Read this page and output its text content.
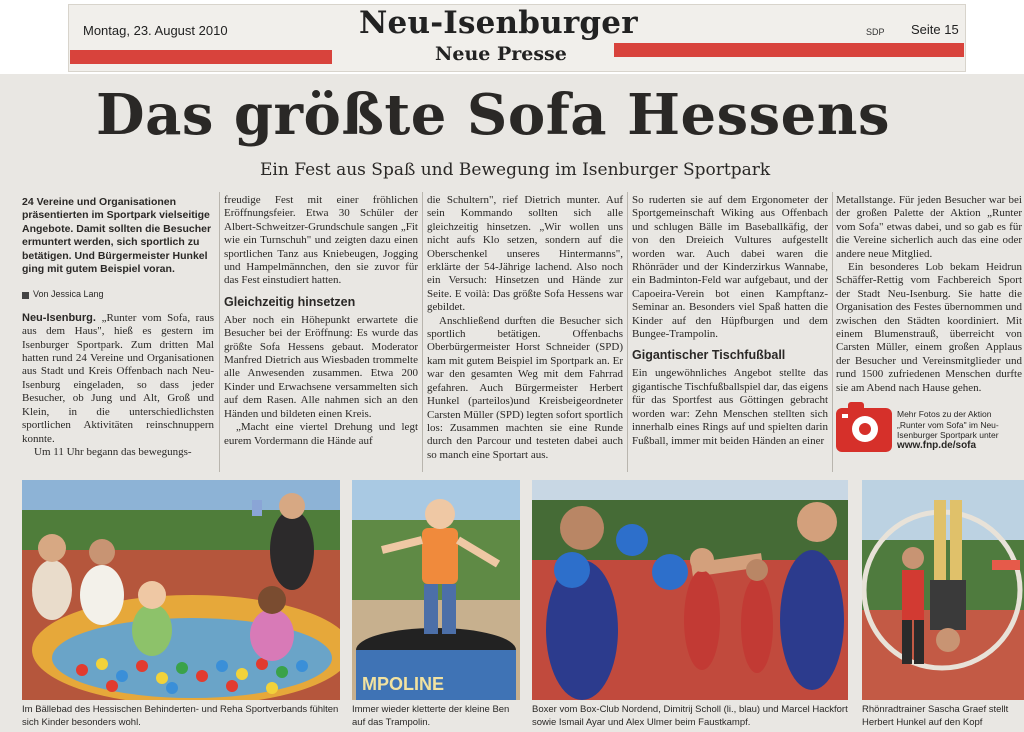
Montag, 23. August 2010	Neu-Isenburger
Neue Presse
SDP Seite 15
Das größte Sofa Hessens
Ein Fest aus Spaß und Bewegung im Isenburger Sportpark

24 Vereine und Organisationen präsentierten im Sportpark vielseitige Angebote. Damit sollten die Besucher ermuntert werden, sich sportlich zu betätigen. Und Bürgermeister Hunkel ging mit gutem Beispiel voran.

Von Jessica Lang

Neu-Isenburg. „Runter vom Sofa, raus aus dem Haus", hieß es gestern im Isenburger Sportpark. Zum dritten Mal hatten rund 24 Vereine und Organisationen aus Stadt und Kreis Offenbach nach Neu-Isenburg eingeladen, so dass jeder Besucher, ob Jung und Alt, Groß und Klein, in die unterschiedlichsten sportlichen Aktivitäten reinschnuppern konnte.

Um 11 Uhr begann das bewegungs-

freudige Fest mit einer fröhlichen Eröffnungsfeier. Etwa 30 Schüler der Albert-Schweitzer-Grundschule sangen „Fit wie ein Turnschuh" und zeigten dazu einen sportlichen Tanz aus Kniebeugen, Jogging und Hampelmännchen, den sie zuvor für das Fest einstudiert hatten.

Gleichzeitig hinsetzen

Aber noch ein Höhepunkt erwartete die Besucher bei der Eröffnung: Es wurde das größte Sofa Hessens gebaut. Moderator Manfred Dietrich aus Wiesbaden trommelte alle Anwesenden zusammen. Etwa 200 Kinder und Erwachsene versammelten sich auf dem Rasen. Alle nahmen sich an den Händen und bildeten einen Kreis.

„Macht eine viertel Drehung und legt eurem Vordermann die Hände auf

die Schultern", rief Dietrich munter. Auf sein Kommando sollten sich alle gleichzeitig hinsetzen. „Wir wollen uns nicht aufs Klo setzen, sondern auf die Oberschenkel unseres Hintermanns", erklärte der 54-Jährige lachend. Also noch ein Versuch: Hinsetzen und Hände zur Seite. E voilà: Das größte Sofa Hessens war gebildet.

Anschließend durften die Besucher sich sportlich betätigen. Offenbachs Oberbürgermeister Horst Schneider (SPD) kam mit gutem Beispiel im Sportpark an. Er war den gesamten Weg mit dem Fahrrad gefahren. Auch Bürgermeister Herbert Hunkel (parteilos)und Kreisbeigeordneter Carsten Müller (SPD) legten sofort sportlich los: Zusammen machten sie eine Runde durch den Parcour und testeten dabei auch so manch eine Sportart aus.

So ruderten sie auf dem Ergonometer der Sportgemeinschaft Wiking aus Offenbach und schlugen Bälle im Baseballkäfig, der von den Dreieich Vultures aufgestellt worden war. Auch dabei waren die Rhönräder und der Kinderzirkus Wannabe, ein Badminton-Feld war aufgebaut, und der Capoeira-Verein bot einen Kampftanz-Seminar an. Besonders viel Spaß hatten die Kinder auf den Hüpfburgen und dem Bungee-Trampolin.

Gigantischer Tischfußball

Ein ungewöhnliches Angebot stellte das gigantische Tischfußballspiel dar, das eigens für das Sportfest aus Göttingen gebracht worden war: Zehn Menschen stellten sich innerhalb eines Rings auf und spielten darin Fußball, immer mit beiden Händen an einer

Metallstange. Für jeden Besucher war bei der großen Palette der Aktion „Runter vom Sofa" etwas dabei, und so gab es für die Vereine sicherlich auch das eine oder andere neue Mitglied.

Ein besonderes Lob bekam Heidrun Schäffer-Rettig vom Fachbereich Sport der Stadt Neu-Isenburg. Sie hatte die Organisation des Festes übernommen und zwischen den Städten koordiniert. Mit einem Blumenstrauß, überreicht von Carsten Müller, einem großen Applaus der Besucher und Vereinsmitglieder und rund 1500 zufriedenen Menschen durfte sie am Abend nach Hause gehen.

Mehr Fotos zu der Aktion „Runter vom Sofa" im Neu-Isenburger Sportpark unter
www.fnp.de/sofa
MPOLINE
Im Bällebad des Hessischen Behinderten- und Reha Sportverbands fühlten sich Kinder besonders wohl.
Immer wieder kletterte der kleine Ben auf das Trampolin.
Boxer vom Box-Club Nordend, Dimitrij Scholl (li., blau) und Marcel Hackfort sowie Ismail Ayar und Alex Ulmer beim Faustkampf.
Rhönradtrainer Sascha Graef stellt Herbert Hunkel auf den Kopf
